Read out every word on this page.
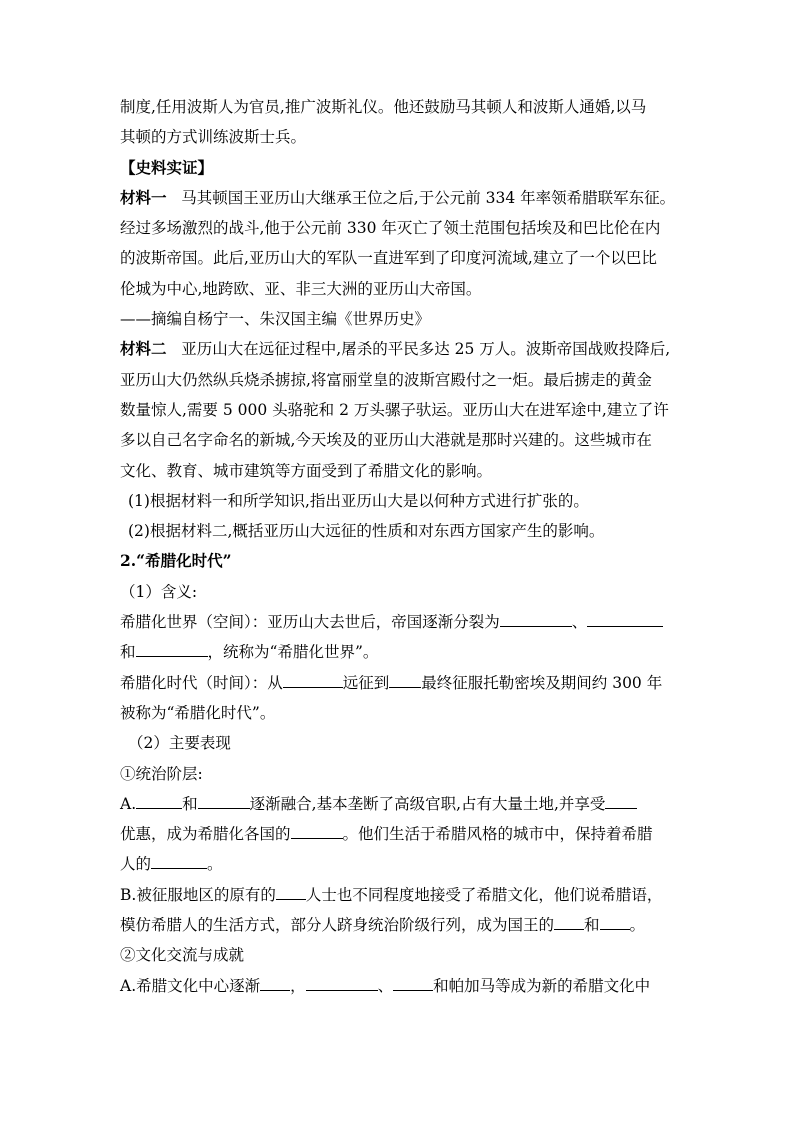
制度,任用波斯人为官员,推广波斯礼仪。他还鼓励马其顿人和波斯人通婚,以马
其顿的方式训练波斯士兵。
【史料实证】
材料一 马其顿国王亚历山大继承王位之后,于公元前 334 年率领希腊联军东征。
经过多场激烈的战斗,他于公元前 330 年灭亡了领土范围包括埃及和巴比伦在内
的波斯帝国。此后,亚历山大的军队一直进军到了印度河流域,建立了一个以巴比
伦城为中心,地跨欧、亚、非三大洲的亚历山大帝国。
——摘编自杨宁一、朱汉国主编《世界历史》
材料二 亚历山大在远征过程中,屠杀的平民多达 25 万人。波斯帝国战败投降后,
亚历山大仍然纵兵烧杀掳掠,将富丽堂皇的波斯宫殿付之一炬。最后掳走的黄金
数量惊人,需要 5 000 头骆驼和 2 万头骡子驮运。亚历山大在进军途中,建立了许
多以自己名字命名的新城,今天埃及的亚历山大港就是那时兴建的。这些城市在
文化、教育、城市建筑等方面受到了希腊文化的影响。
(1)根据材料一和所学知识,指出亚历山大是以何种方式进行扩张的。
(2)根据材料二,概括亚历山大远征的性质和对东西方国家产生的影响。
2.“希腊化时代”
（1）含义:
希腊化世界（空间）：亚历山大去世后，帝国逐渐分裂为	、
和	，统称为“希腊化世界”。
希腊化时代（时间）：从	远征到 最终征服托勒密埃及期间约 300 年
被称为“希腊化时代”。
（2）主要表现
①统治阶层:
A.	和	逐渐融合,基本垄断了高级官职,占有大量土地,并享受
优惠，成为希腊化各国的	。他们生活于希腊风格的城市中，保持着希腊
人的	。
B.被征服地区的原有的 人士也不同程度地接受了希腊文化，他们说希腊语，
模仿希腊人的生活方式，部分人跻身统治阶级行列，成为国王的 和 。
②文化交流与成就
A.希腊文化中心逐渐 ，	、	和帕加马等成为新的希腊文化中
